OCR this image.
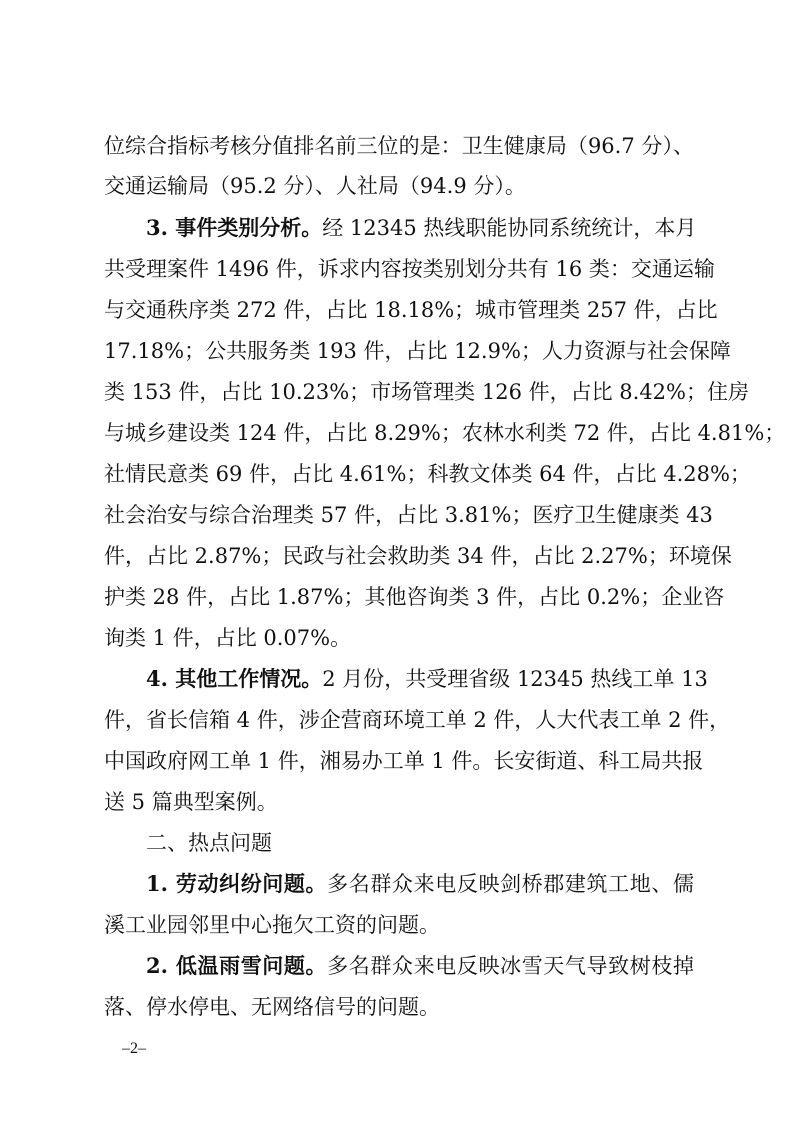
位综合指标考核分值排名前三位的是：卫生健康局（96.7 分）、
交通运输局（95.2 分）、人社局（94.9 分）。
3. 事件类别分析。经 12345 热线职能协同系统统计，本月
共受理案件 1496 件，诉求内容按类别划分共有 16 类：交通运输
与交通秩序类 272 件，占比 18.18%；城市管理类 257 件，占比
17.18%；公共服务类 193 件，占比 12.9%；人力资源与社会保障
类 153 件，占比 10.23%；市场管理类 126 件，占比 8.42%；住房
与城乡建设类 124 件，占比 8.29%；农林水利类 72 件，占比 4.81%；
社情民意类 69 件，占比 4.61%；科教文体类 64 件，占比 4.28%；
社会治安与综合治理类 57 件，占比 3.81%；医疗卫生健康类 43
件，占比 2.87%；民政与社会救助类 34 件，占比 2.27%；环境保
护类 28 件，占比 1.87%；其他咨询类 3 件，占比 0.2%；企业咨
询类 1 件，占比 0.07%。
4. 其他工作情况。2 月份，共受理省级 12345 热线工单 13
件，省长信箱 4 件，涉企营商环境工单 2 件，人大代表工单 2 件，
中国政府网工单 1 件，湘易办工单 1 件。长安街道、科工局共报
送 5 篇典型案例。
二、热点问题
1. 劳动纠纷问题。多名群众来电反映剑桥郡建筑工地、儒
溪工业园邻里中心拖欠工资的问题。
2. 低温雨雪问题。多名群众来电反映冰雪天气导致树枝掉
落、停水停电、无网络信号的问题。
–2–
